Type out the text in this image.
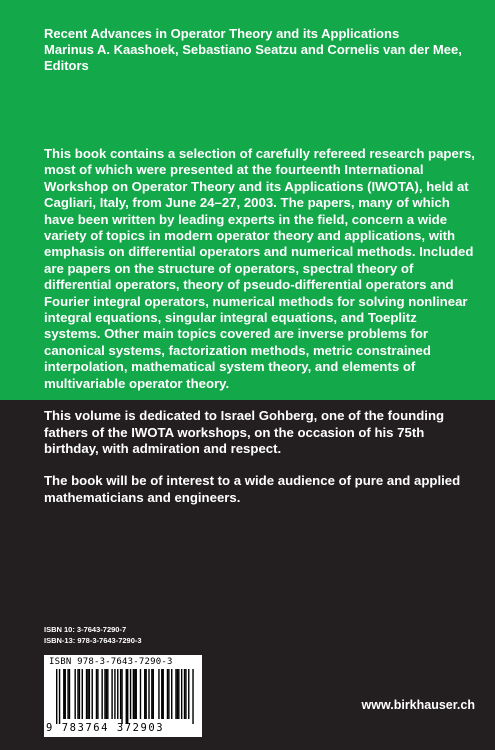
Recent Advances in Operator Theory and its Applications
Marinus A. Kaashoek, Sebastiano Seatzu and Cornelis van der Mee,
Editors

This book contains a selection of carefully refereed research papers, most of which were presented at the fourteenth International Workshop on Operator Theory and its Applications (IWOTA), held at Cagliari, Italy, from June 24–27, 2003. The papers, many of which have been written by leading experts in the field, concern a wide variety of topics in modern operator theory and applications, with emphasis on differential operators and numerical methods. Included are papers on the structure of operators, spectral theory of differential operators, theory of pseudo-differential operators and Fourier integral operators, numerical methods for solving nonlinear integral equations, singular integral equations, and Toeplitz systems. Other main topics covered are inverse problems for canonical systems, factorization methods, metric constrained interpolation, mathematical system theory, and elements of multivariable operator theory.

This volume is dedicated to Israel Gohberg, one of the founding fathers of the IWOTA workshops, on the occasion of his 75th birthday, with admiration and respect.

The book will be of interest to a wide audience of pure and applied mathematicians and engineers.

ISBN 10: 3-7643-7290-7
ISBN-13: 978-3-7643-7290-3
ISBN 978-3-7643-7290-3
9 783764 372903
www.birkhauser.ch
